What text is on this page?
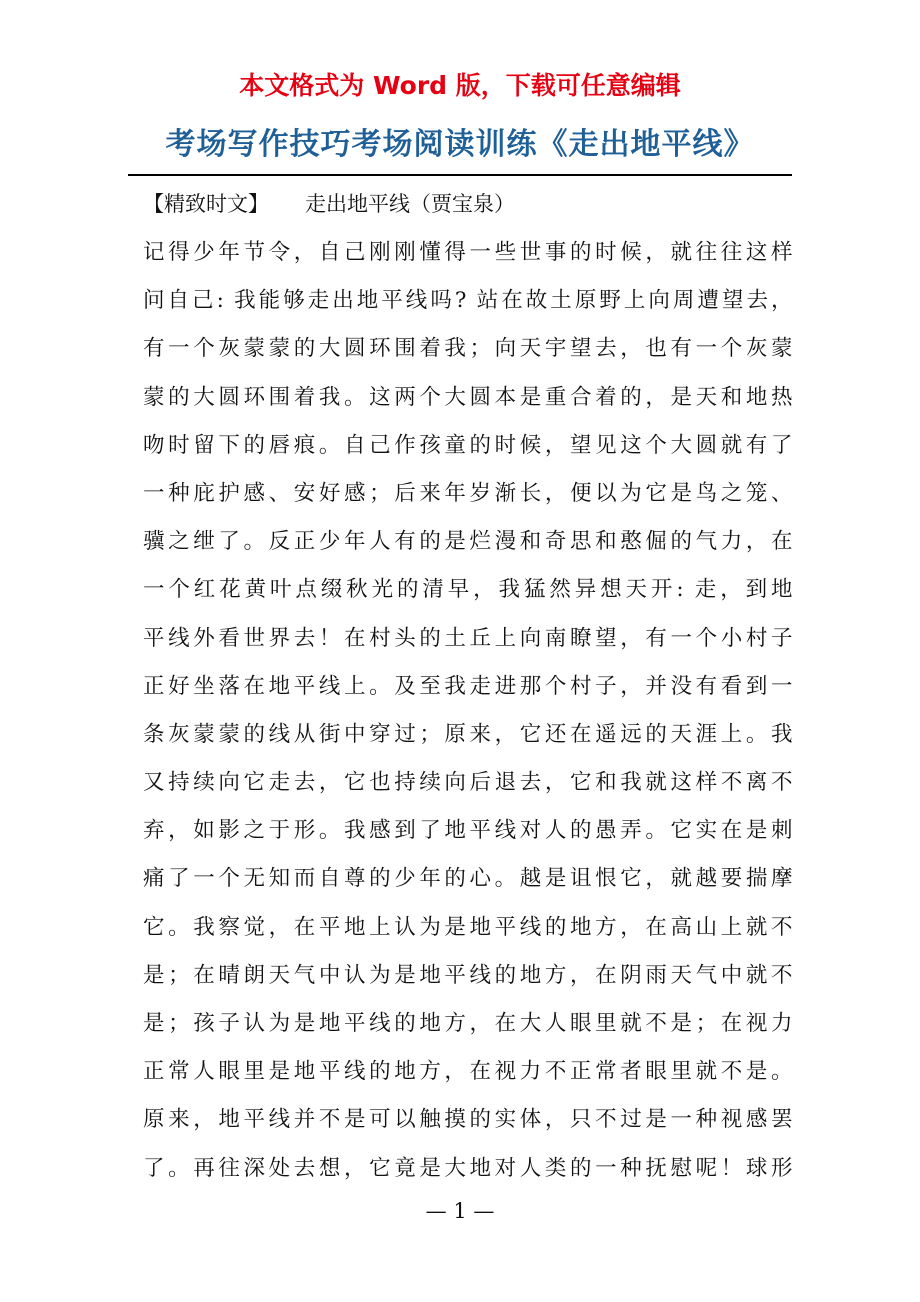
本文格式为 Word 版，下载可任意编辑
考场写作技巧考场阅读训练《走出地平线》
【精致时文】 走出地平线（贾宝泉）
记得少年节令，自己刚刚懂得一些世事的时候，就往往这样
问自己: 我能够走出地平线吗? 站在故土原野上向周遭望去，
有一个灰蒙蒙的大圆环围着我；向天宇望去，也有一个灰蒙
蒙的大圆环围着我。这两个大圆本是重合着的，是天和地热
吻时留下的唇痕。自己作孩童的时候，望见这个大圆就有了
一种庇护感、安好感；后来年岁渐长，便以为它是鸟之笼、
骥之绁了。反正少年人有的是烂漫和奇思和憨倔的气力，在
一个红花黄叶点缀秋光的清早，我猛然异想天开: 走，到地
平线外看世界去！在村头的土丘上向南瞭望，有一个小村子
正好坐落在地平线上。及至我走进那个村子，并没有看到一
条灰蒙蒙的线从街中穿过；原来，它还在遥远的天涯上。我
又持续向它走去，它也持续向后退去，它和我就这样不离不
弃，如影之于形。我感到了地平线对人的愚弄。它实在是刺
痛了一个无知而自尊的少年的心。越是诅恨它，就越要揣摩
它。我察觉，在平地上认为是地平线的地方，在高山上就不
是；在晴朗天气中认为是地平线的地方，在阴雨天气中就不
是；孩子认为是地平线的地方，在大人眼里就不是；在视力
正常人眼里是地平线的地方，在视力不正常者眼里就不是。
原来，地平线并不是可以触摸的实体，只不过是一种视感罢
了。再往深处去想，它竟是大地对人类的一种抚慰呢！球形
— 1 —
